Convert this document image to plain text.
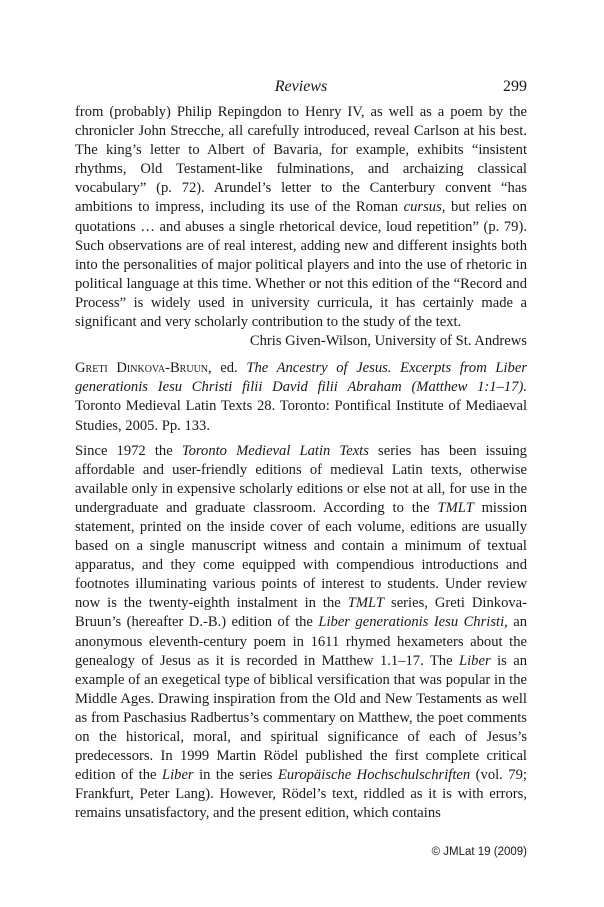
Reviews	299

from (probably) Philip Repingdon to Henry IV, as well as a poem by the chronicler John Strecche, all carefully introduced, reveal Carlson at his best. The king’s letter to Albert of Bavaria, for example, exhibits “insistent rhythms, Old Testament-like fulminations, and archaizing classical vocabulary” (p. 72). Arundel’s letter to the Canterbury convent “has ambitions to impress, including its use of the Roman cursus, but relies on quotations … and abuses a single rhetorical device, loud repetition” (p. 79). Such observations are of real interest, adding new and different insights both into the personalities of major political players and into the use of rhetoric in political language at this time. Whether or not this edition of the “Record and Process” is widely used in university curricula, it has certainly made a significant and very scholarly contribution to the study of the text.

Chris Given-Wilson, University of St. Andrews

Greti Dinkova-Bruun, ed. The Ancestry of Jesus. Excerpts from Liber generationis Iesu Christi filii David filii Abraham (Matthew 1:1–17). Toronto Medieval Latin Texts 28. Toronto: Pontifical Institute of Mediaeval Studies, 2005. Pp. 133.

Since 1972 the Toronto Medieval Latin Texts series has been issuing affordable and user-friendly editions of medieval Latin texts, otherwise available only in expensive scholarly editions or else not at all, for use in the undergraduate and graduate classroom. According to the TMLT mission statement, printed on the inside cover of each volume, editions are usually based on a single manuscript witness and contain a minimum of textual apparatus, and they come equipped with compendious introductions and footnotes illuminating various points of interest to students. Under review now is the twenty-eighth instalment in the TMLT series, Greti Dinkova-Bruun’s (hereafter D.-B.) edition of the Liber generationis Iesu Christi, an anonymous eleventh-century poem in 1611 rhymed hexameters about the genealogy of Jesus as it is recorded in Matthew 1.1–17. The Liber is an example of an exegetical type of biblical versification that was popular in the Middle Ages. Drawing inspiration from the Old and New Testaments as well as from Paschasius Radbertus’s commentary on Matthew, the poet comments on the historical, moral, and spiritual significance of each of Jesus’s predecessors. In 1999 Martin Rödel published the first complete critical edition of the Liber in the series Europäische Hochschulschriften (vol. 79; Frankfurt, Peter Lang). However, Rödel’s text, riddled as it is with errors, remains unsatisfactory, and the present edition, which contains

© JMLat 19 (2009)
